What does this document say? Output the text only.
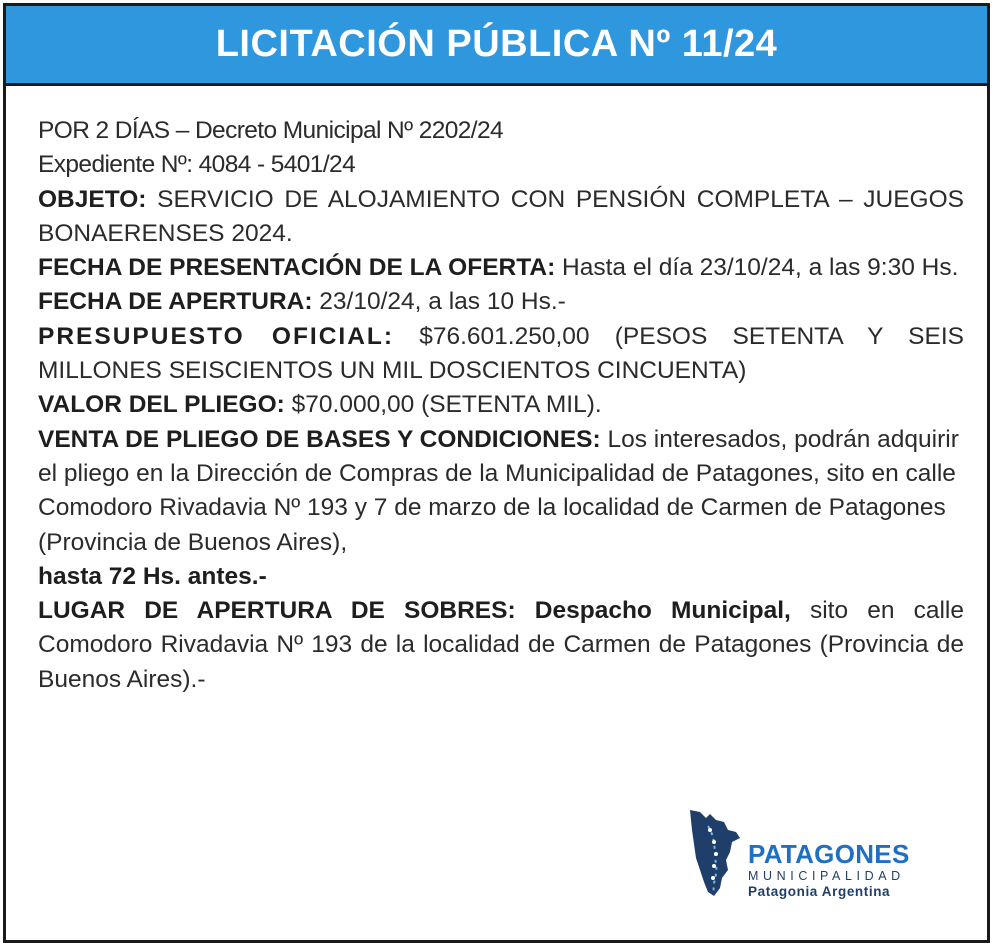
LICITACIÓN PÚBLICA Nº 11/24

POR 2 DÍAS – Decreto Municipal Nº 2202/24

Expediente Nº: 4084 - 5401/24

OBJETO: SERVICIO DE ALOJAMIENTO CON PENSIÓN COMPLETA – JUEGOS BONAERENSES 2024.

FECHA DE PRESENTACIÓN DE LA OFERTA: Hasta el día 23/10/24, a las 9:30 Hs.

FECHA DE APERTURA: 23/10/24, a las 10 Hs.-

PRESUPUESTO OFICIAL: $76.601.250,00 (PESOS SETENTA Y SEIS MILLONES SEISCIENTOS UN MIL DOSCIENTOS CINCUENTA)

VALOR DEL PLIEGO: $70.000,00 (SETENTA MIL).

VENTA DE PLIEGO DE BASES Y CONDICIONES: Los interesados, podrán adquirir el pliego en la Dirección de Compras de la Municipalidad de Patagones, sito en calle Comodoro Rivadavia Nº 193 y 7 de marzo de la localidad de Carmen de Patagones (Provincia de Buenos Aires),

hasta 72 Hs. antes.-

LUGAR DE APERTURA DE SOBRES: Despacho Municipal, sito en calle Comodoro Rivadavia Nº 193 de la localidad de Carmen de Patagones (Provincia de Buenos Aires).-

PATAGONES
MUNICIPALIDAD
Patagonia Argentina
